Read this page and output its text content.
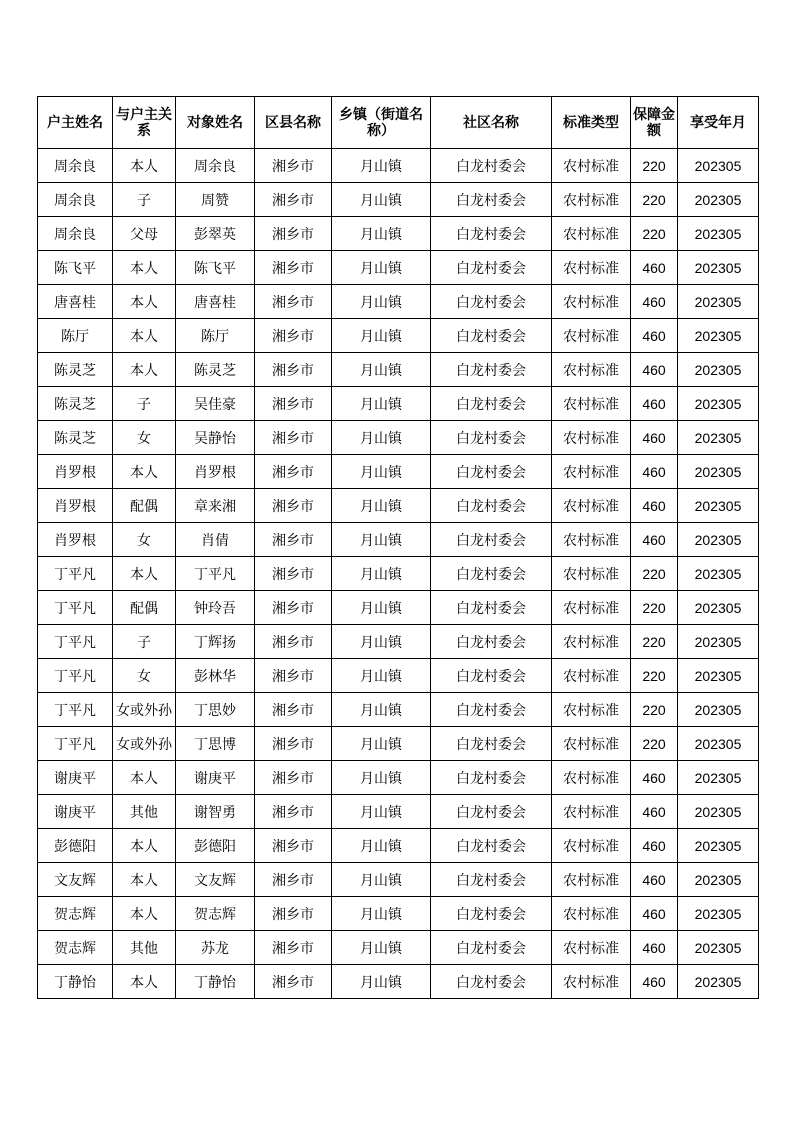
户主姓名	与户主关系	对象姓名	区县名称	乡镇（街道名称）	社区名称	标准类型	保障金额	享受年月
周余良	本人	周余良	湘乡市	月山镇	白龙村委会	农村标准	220	202305
周余良	子	周赞	湘乡市	月山镇	白龙村委会	农村标准	220	202305
周余良	父母	彭翠英	湘乡市	月山镇	白龙村委会	农村标准	220	202305
陈飞平	本人	陈飞平	湘乡市	月山镇	白龙村委会	农村标准	460	202305
唐喜桂	本人	唐喜桂	湘乡市	月山镇	白龙村委会	农村标准	460	202305
陈厅	本人	陈厅	湘乡市	月山镇	白龙村委会	农村标准	460	202305
陈灵芝	本人	陈灵芝	湘乡市	月山镇	白龙村委会	农村标准	460	202305
陈灵芝	子	吴佳豪	湘乡市	月山镇	白龙村委会	农村标准	460	202305
陈灵芝	女	吴静怡	湘乡市	月山镇	白龙村委会	农村标准	460	202305
肖罗根	本人	肖罗根	湘乡市	月山镇	白龙村委会	农村标准	460	202305
肖罗根	配偶	章来湘	湘乡市	月山镇	白龙村委会	农村标准	460	202305
肖罗根	女	肖倩	湘乡市	月山镇	白龙村委会	农村标准	460	202305
丁平凡	本人	丁平凡	湘乡市	月山镇	白龙村委会	农村标准	220	202305
丁平凡	配偶	钟玲吾	湘乡市	月山镇	白龙村委会	农村标准	220	202305
丁平凡	子	丁辉扬	湘乡市	月山镇	白龙村委会	农村标准	220	202305
丁平凡	女	彭林华	湘乡市	月山镇	白龙村委会	农村标准	220	202305
丁平凡	女或外孙	丁思妙	湘乡市	月山镇	白龙村委会	农村标准	220	202305
丁平凡	女或外孙	丁思博	湘乡市	月山镇	白龙村委会	农村标准	220	202305
谢庚平	本人	谢庚平	湘乡市	月山镇	白龙村委会	农村标准	460	202305
谢庚平	其他	谢智勇	湘乡市	月山镇	白龙村委会	农村标准	460	202305
彭德阳	本人	彭德阳	湘乡市	月山镇	白龙村委会	农村标准	460	202305
文友辉	本人	文友辉	湘乡市	月山镇	白龙村委会	农村标准	460	202305
贺志辉	本人	贺志辉	湘乡市	月山镇	白龙村委会	农村标准	460	202305
贺志辉	其他	苏龙	湘乡市	月山镇	白龙村委会	农村标准	460	202305
丁静怡	本人	丁静怡	湘乡市	月山镇	白龙村委会	农村标准	460	202305
